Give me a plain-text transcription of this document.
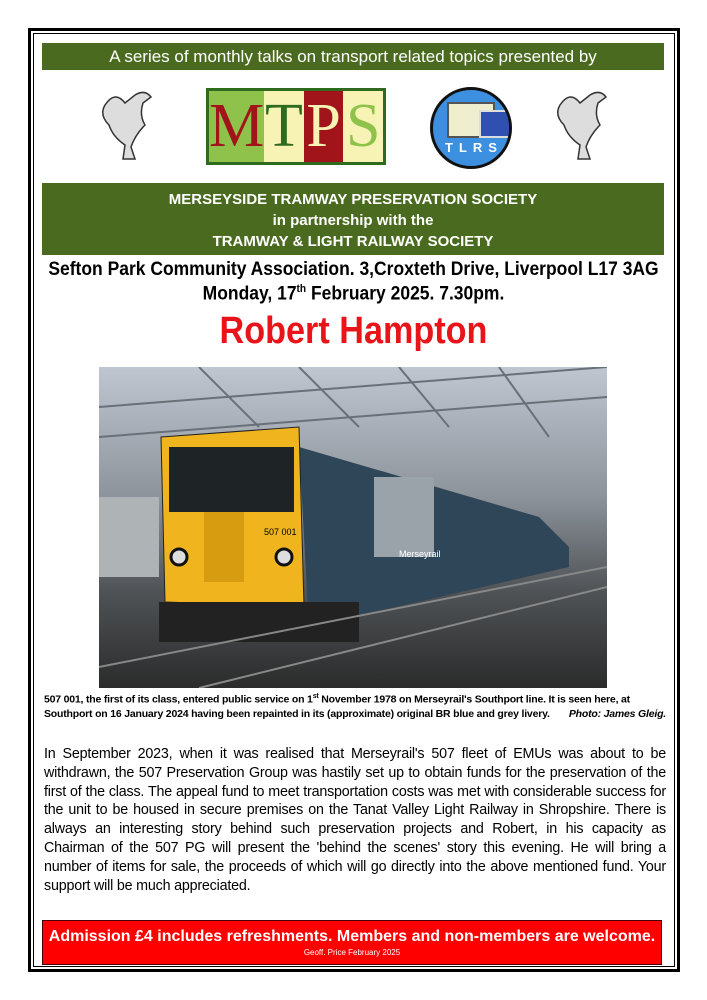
A series of monthly talks on transport related topics presented by
M T P S	TLRS
MERSEYSIDE TRAMWAY PRESERVATION SOCIETY
in partnership with the
TRAMWAY & LIGHT RAILWAY SOCIETY
Sefton Park Community Association. 3,Croxteth Drive, Liverpool L17 3AG
Monday, 17th February 2025. 7.30pm.
Robert Hampton
507 001
Merseyrail
507 001, the first of its class, entered public service on 1st November 1978 on Merseyrail's Southport line. It is seen here, at Southport on 16 January 2024 having been repainted in its (approximate) original BR blue and grey livery. Photo: James Gleig.
In September 2023, when it was realised that Merseyrail's 507 fleet of EMUs was about to be withdrawn, the 507 Preservation Group was hastily set up to obtain funds for the preservation of the first of the class. The appeal fund to meet transportation costs was met with considerable success for the unit to be housed in secure premises on the Tanat Valley Light Railway in Shropshire. There is always an interesting story behind such preservation projects and Robert, in his capacity as Chairman of the 507 PG will present the 'behind the scenes' story this evening. He will bring a number of items for sale, the proceeds of which will go directly into the above mentioned fund. Your support will be much appreciated.
Admission £4 includes refreshments. Members and non-members are welcome.
Geoff. Price February 2025
